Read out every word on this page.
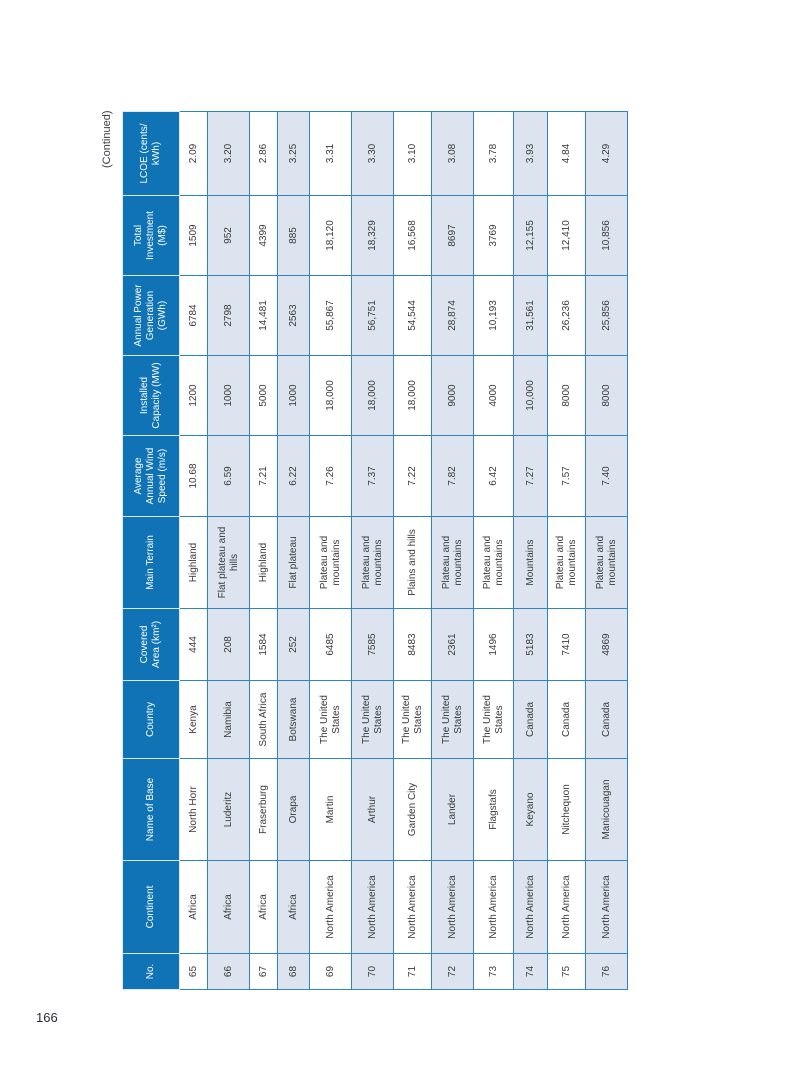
(Continued)
No.	Continent	Name of Base	Country	Covered Area (km²)	Main Terrain	Average Annual Wind Speed (m/s)	Installed Capacity (MW)	Annual Power Generation (GWh)	Total Investment (M$)	LCOE (cents/ kWh)
65	Africa	North Horr	Kenya	444	Highland	10.68	1200	6784	1509	2.09
66	Africa	Luderitz	Namibia	208	Flat plateau and hills	6.59	1000	2798	952	3.20
67	Africa	Fraserburg	South Africa	1584	Highland	7.21	5000	14,481	4399	2.86
68	Africa	Orapa	Botswana	252	Flat plateau	6.22	1000	2563	885	3.25
69	North America	Martin	The United States	6485	Plateau and mountains	7.26	18,000	55,867	18,120	3.31
70	North America	Arthur	The United States	7585	Plateau and mountains	7.37	18,000	56,751	18,329	3.30
71	North America	Garden City	The United States	8483	Plains and hills	7.22	18,000	54,544	16,568	3.10
72	North America	Lander	The United States	2361	Plateau and mountains	7.82	9000	28,874	8697	3.08
73	North America	Flagstafs	The United States	1496	Plateau and mountains	6.42	4000	10,193	3769	3.78
74	North America	Keyano	Canada	5183	Mountains	7.27	10,000	31,561	12,155	3.93
75	North America	Nitchequon	Canada	7410	Plateau and mountains	7.57	8000	26,236	12,410	4.84
76	North America	Manicouagan	Canada	4869	Plateau and mountains	7.40	8000	25,856	10,856	4.29
166
